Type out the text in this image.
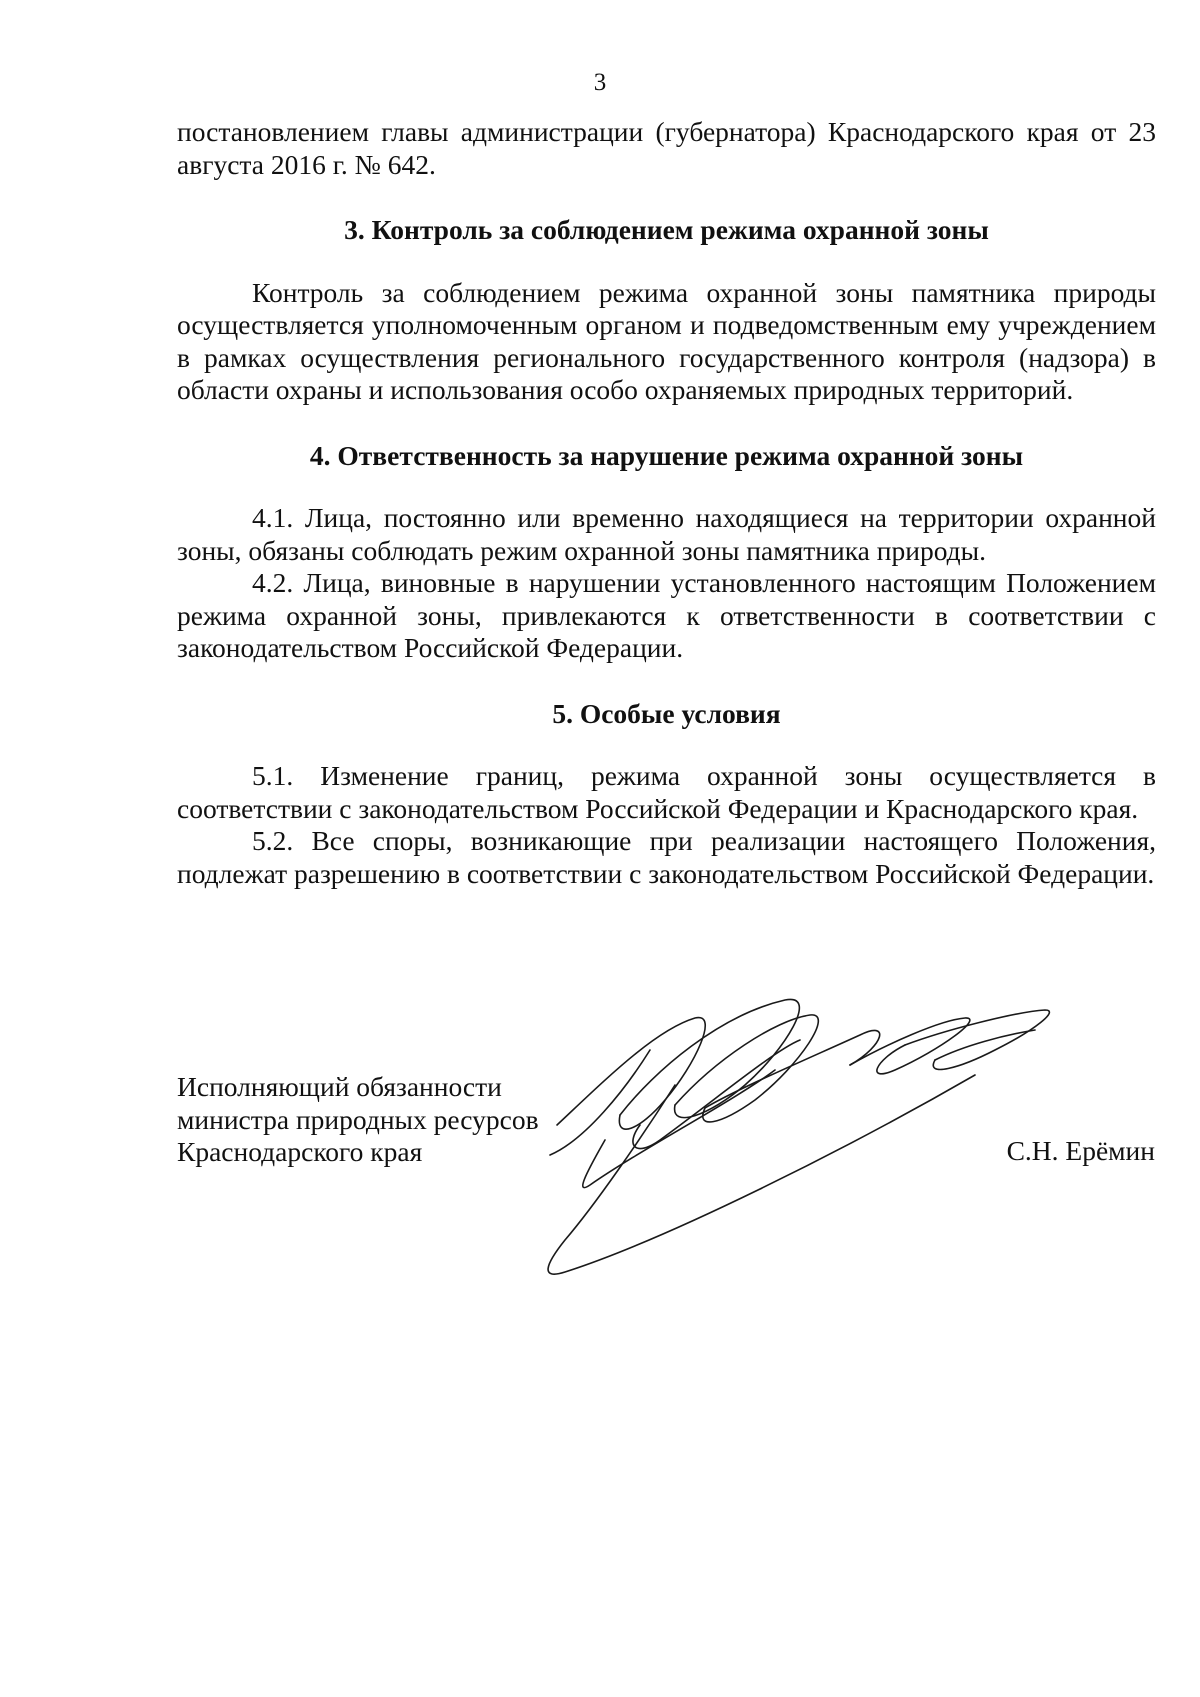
3

постановлением главы администрации (губернатора) Краснодарского края от 23 августа 2016 г. № 642.

3. Контроль за соблюдением режима охранной зоны

Контроль за соблюдением режима охранной зоны памятника природы осуществляется уполномоченным органом и подведомственным ему учреждением в рамках осуществления регионального государственного контроля (надзора) в области охраны и использования особо охраняемых природных территорий.

4. Ответственность за нарушение режима охранной зоны

4.1. Лица, постоянно или временно находящиеся на территории охранной зоны, обязаны соблюдать режим охранной зоны памятника природы.

4.2. Лица, виновные в нарушении установленного настоящим Положением режима охранной зоны, привлекаются к ответственности в соответствии с законодательством Российской Федерации.

5. Особые условия

5.1. Изменение границ, режима охранной зоны осуществляется в соответствии с законодательством Российской Федерации и Краснодарского края.

5.2. Все споры, возникающие при реализации настоящего Положения, подлежат разрешению в соответствии с законодательством Российской Федерации.

Исполняющий обязанности
министра природных ресурсов
Краснодарского края	С.Н. Ерёмин
